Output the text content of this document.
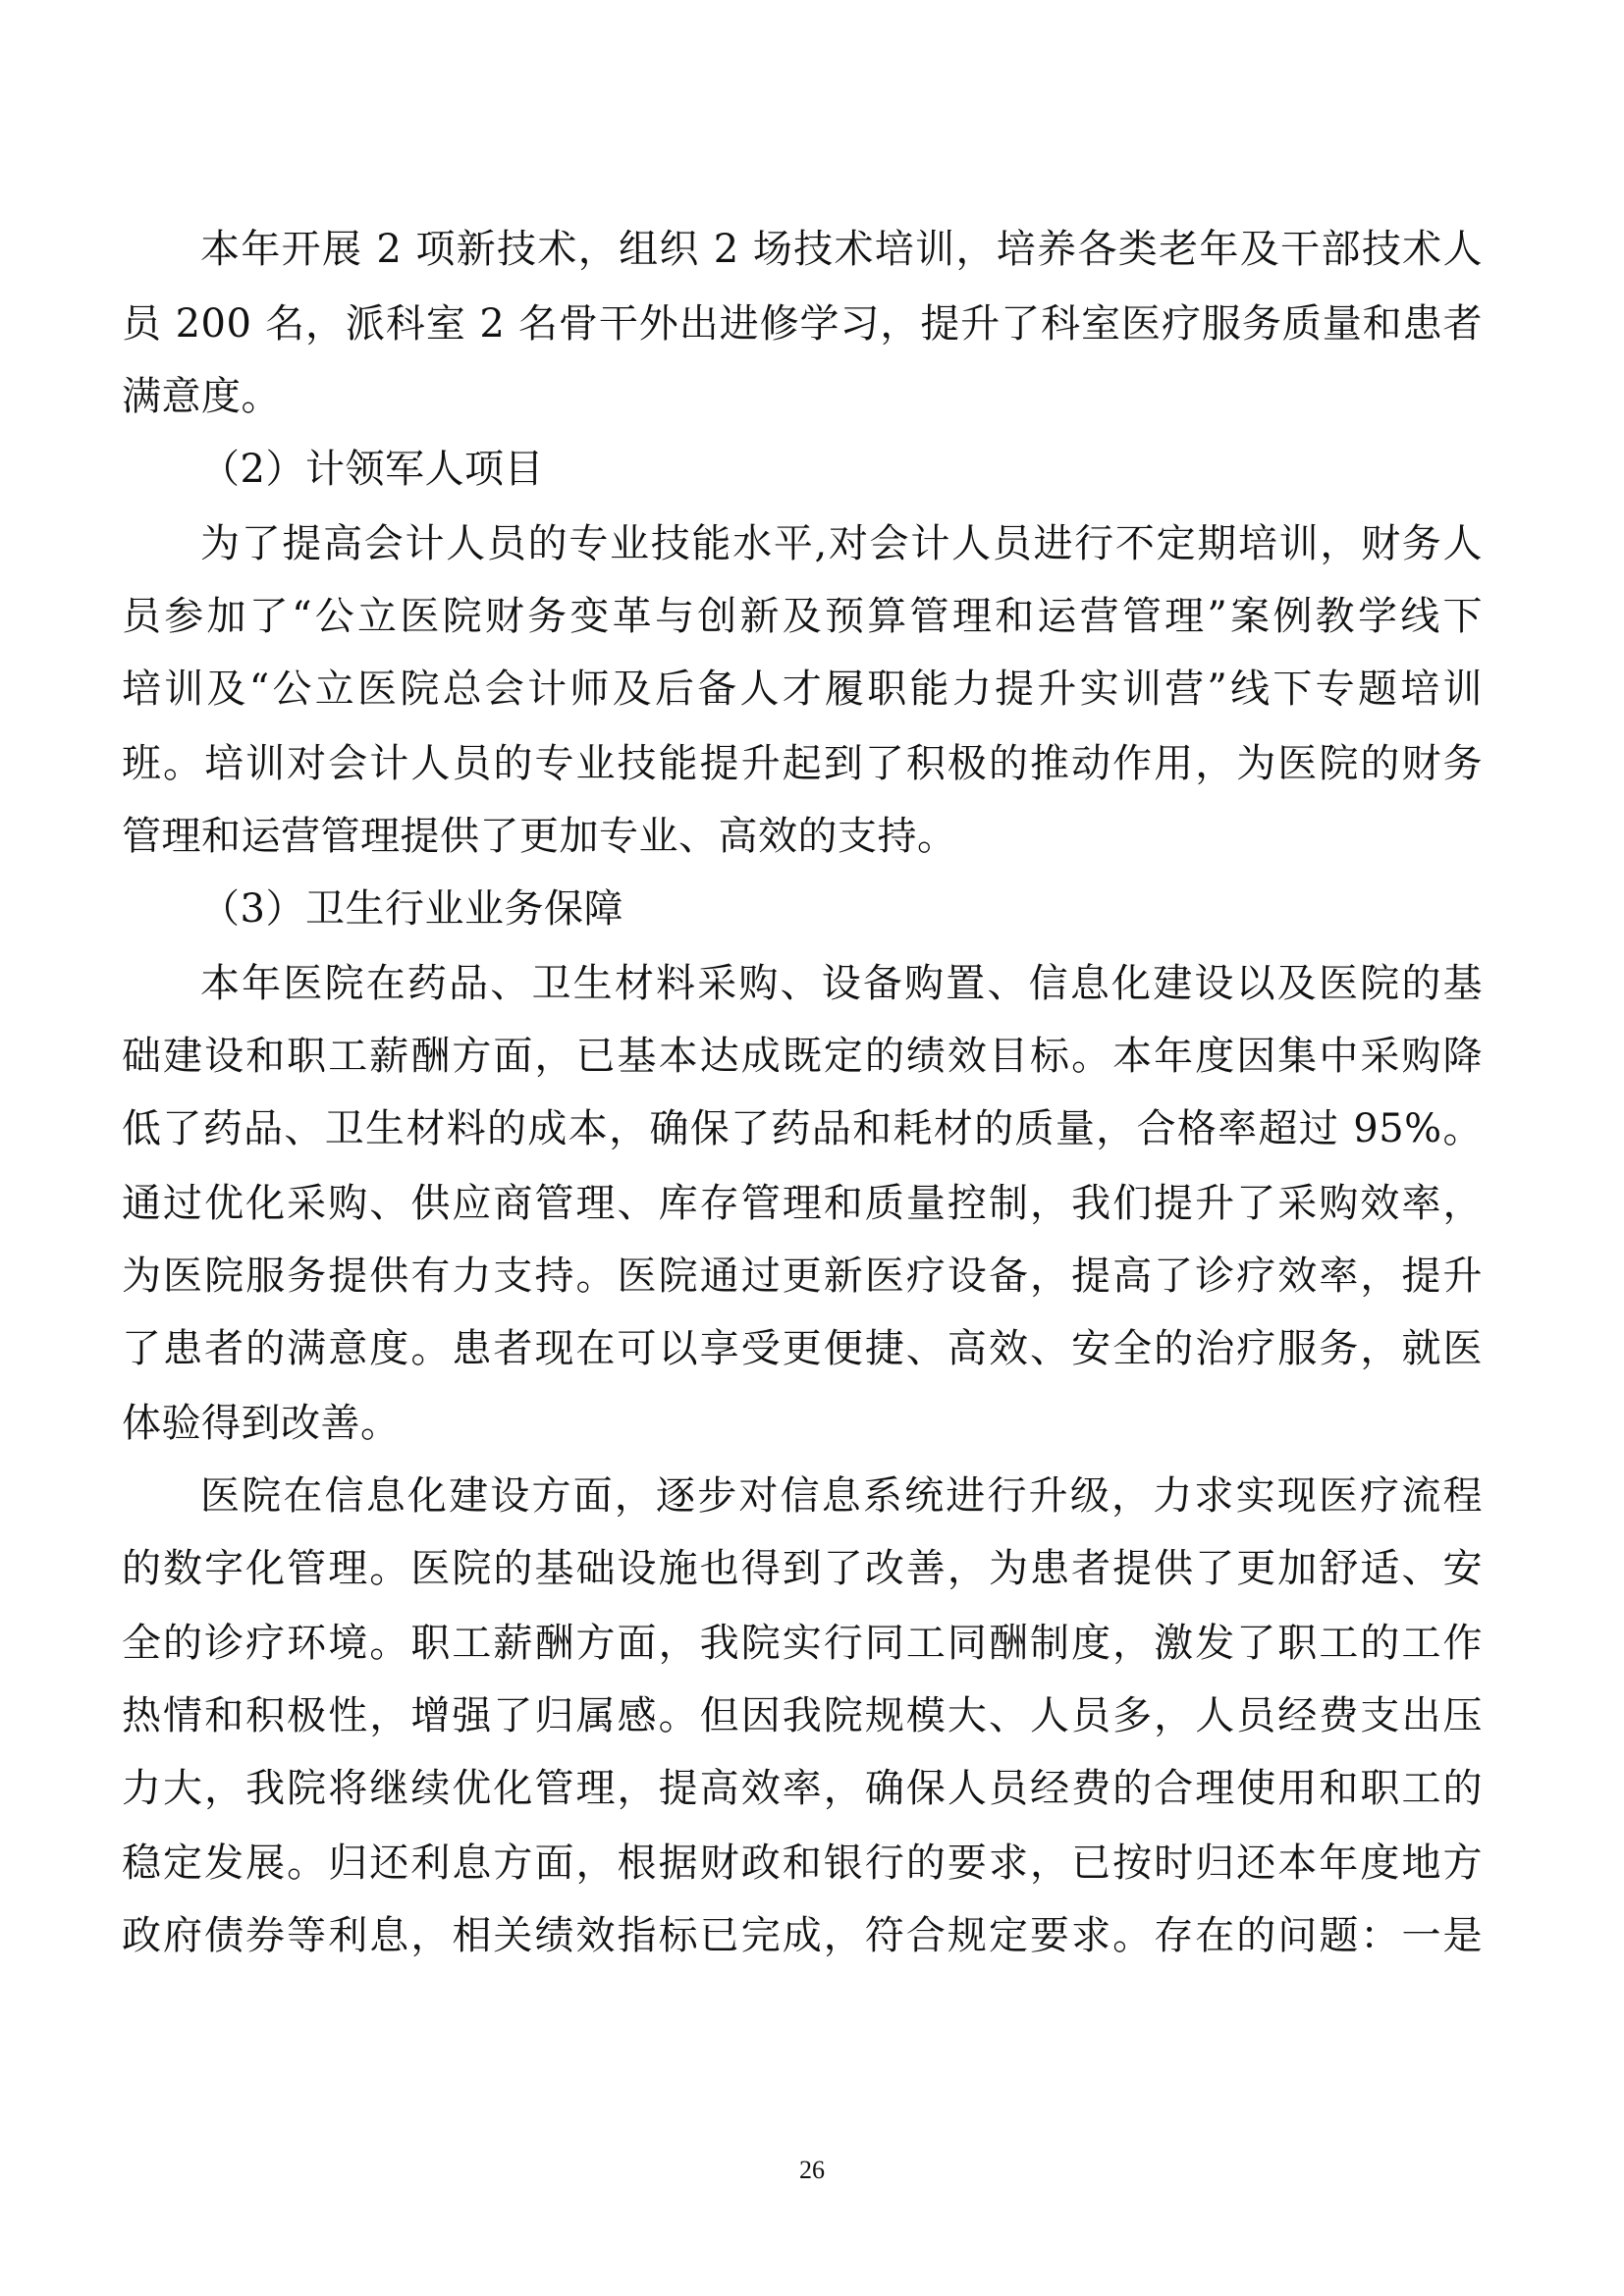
本年开展 2 项新技术，组织 2 场技术培训，培养各类老年及干部技术人
员 200 名，派科室 2 名骨干外出进修学习，提升了科室医疗服务质量和患者
满意度。
（2）计领军人项目
为了提高会计人员的专业技能水平,对会计人员进行不定期培训，财务人
员参加了“公立医院财务变革与创新及预算管理和运营管理”案例教学线下
培训及“公立医院总会计师及后备人才履职能力提升实训营”线下专题培训
班。培训对会计人员的专业技能提升起到了积极的推动作用，为医院的财务
管理和运营管理提供了更加专业、高效的支持。
（3）卫生行业业务保障
本年医院在药品、卫生材料采购、设备购置、信息化建设以及医院的基
础建设和职工薪酬方面，已基本达成既定的绩效目标。本年度因集中采购降
低了药品、卫生材料的成本，确保了药品和耗材的质量，合格率超过 95%。
通过优化采购、供应商管理、库存管理和质量控制，我们提升了采购效率，
为医院服务提供有力支持。医院通过更新医疗设备，提高了诊疗效率，提升
了患者的满意度。患者现在可以享受更便捷、高效、安全的治疗服务，就医
体验得到改善。
医院在信息化建设方面，逐步对信息系统进行升级，力求实现医疗流程
的数字化管理。医院的基础设施也得到了改善，为患者提供了更加舒适、安
全的诊疗环境。职工薪酬方面，我院实行同工同酬制度，激发了职工的工作
热情和积极性，增强了归属感。但因我院规模大、人员多，人员经费支出压
力大，我院将继续优化管理，提高效率，确保人员经费的合理使用和职工的
稳定发展。归还利息方面，根据财政和银行的要求，已按时归还本年度地方
政府债券等利息，相关绩效指标已完成，符合规定要求。存在的问题：一是
26
